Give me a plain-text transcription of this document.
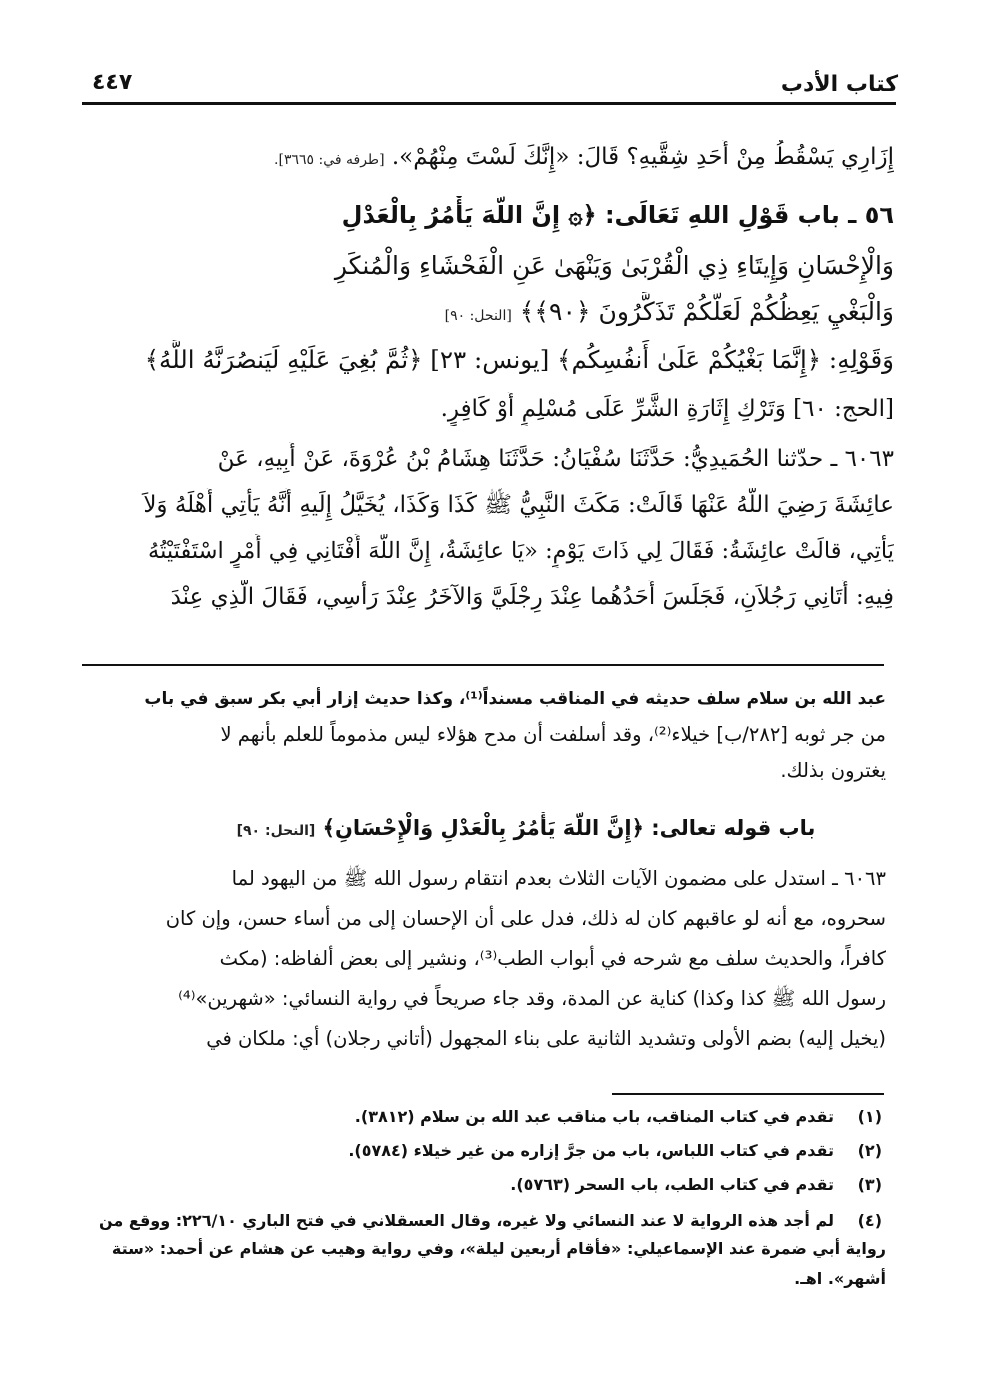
كتاب الأدب
٤٤٧
إِزَارِي يَسْقُطُ مِنْ أَحَدِ شِقَّيهِ؟ قَالَ: «إِنَّكَ لَسْتَ مِنْهُمْ». [طرفه في: ٣٦٦٥].
٥٦ ـ باب قَوْلِ اللهِ تَعَالَى: ﴿۞ إِنَّ اللَّهَ يَأْمُرُ بِالْعَدْلِ
وَالْإِحْسَانِ وَإِيتَاءِ ذِي الْقُرْبَىٰ وَيَنْهَىٰ عَنِ الْفَحْشَاءِ وَالْمُنكَرِ
وَالْبَغْيِ يَعِظُكُمْ لَعَلَّكُمْ تَذَكَّرُونَ ﴿٩٠﴾﴾ [النحل: ٩٠]
وَقَوْلِهِ: ﴿إِنَّمَا بَغْيُكُمْ عَلَىٰ أَنفُسِكُم﴾ [يونس: ٢٣] ﴿ثُمَّ بُغِيَ عَلَيْهِ لَيَنصُرَنَّهُ اللَّهُ﴾
[الحج: ٦٠] وَتَرْكِ إِثَارَةِ الشَّرِّ عَلَى مُسْلِمٍ أَوْ كَافِرٍ.
٦٠٦٣ ـ حدّثنا الحُمَيدِيُّ: حَدَّثَنَا سُفْيَانُ: حَدَّثَنَا هِشَامُ بْنُ عُرْوَةَ، عَنْ أَبِيهِ، عَنْ
عائِشَةَ رَضِيَ اللَّهُ عَنْهَا قَالَتْ: مَكَثَ النَّبِيُّ ﷺ كَذَا وَكَذَا، يُخَيَّلُ إِلَيهِ أَنَّهُ يَأْتِي أَهْلَهُ وَلاَ
يَأْتِي، قالَتْ عائِشَةُ: فَقَالَ لِي ذَاتَ يَوْمٍ: «يَا عائِشَةُ، إِنَّ اللَّهَ أَفْتَانِي فِي أَمْرٍ اسْتَفْتَيْتُهُ
فِيهِ: أَتَانِي رَجُلاَنِ، فَجَلَسَ أَحَدُهُما عِنْدَ رِجْلَيَّ وَالآخَرُ عِنْدَ رَأْسِي، فَقَالَ الَّذِي عِنْدَ
عبد الله بن سلام سلف حديثه في المناقب مسنداً⁽¹⁾، وكذا حديث إزار أبي بكر سبق في باب
من جر ثوبه [٢٨٢/ب] خيلاء⁽²⁾، وقد أسلفت أن مدح هؤلاء ليس مذموماً للعلم بأنهم لا
يغترون بذلك.
باب قوله تعالى: ﴿إِنَّ اللَّهَ يَأْمُرُ بِالْعَدْلِ وَالْإِحْسَانِ﴾ [النحل: ٩٠]
٦٠٦٣ ـ استدل على مضمون الآيات الثلاث بعدم انتقام رسول الله ﷺ من اليهود لما
سحروه، مع أنه لو عاقبهم كان له ذلك، فدل على أن الإحسان إلى من أساء حسن، وإن كان
كافراً، والحديث سلف مع شرحه في أبواب الطب⁽³⁾، ونشير إلى بعض ألفاظه: (مكث
رسول الله ﷺ كذا وكذا) كناية عن المدة، وقد جاء صريحاً في رواية النسائي: «شهرين»⁽⁴⁾
(يخيل إليه) بضم الأولى وتشديد الثانية على بناء المجهول (أتاني رجلان) أي: ملكان في
(١)
تقدم في كتاب المناقب، باب مناقب عبد الله بن سلام (٣٨١٢).
(٢)
تقدم في كتاب اللباس، باب من جرَّ إزاره من غير خيلاء (٥٧٨٤).
(٣)
تقدم في كتاب الطب، باب السحر (٥٧٦٣).
(٤)
لم أجد هذه الرواية لا عند النسائي ولا غيره، وقال العسقلاني في فتح الباري ٢٢٦/١٠: ووقع من
رواية أبي ضمرة عند الإسماعيلي: «فأقام أربعين ليلة»، وفي رواية وهيب عن هشام عن أحمد: «ستة
أشهر». اهـ.
